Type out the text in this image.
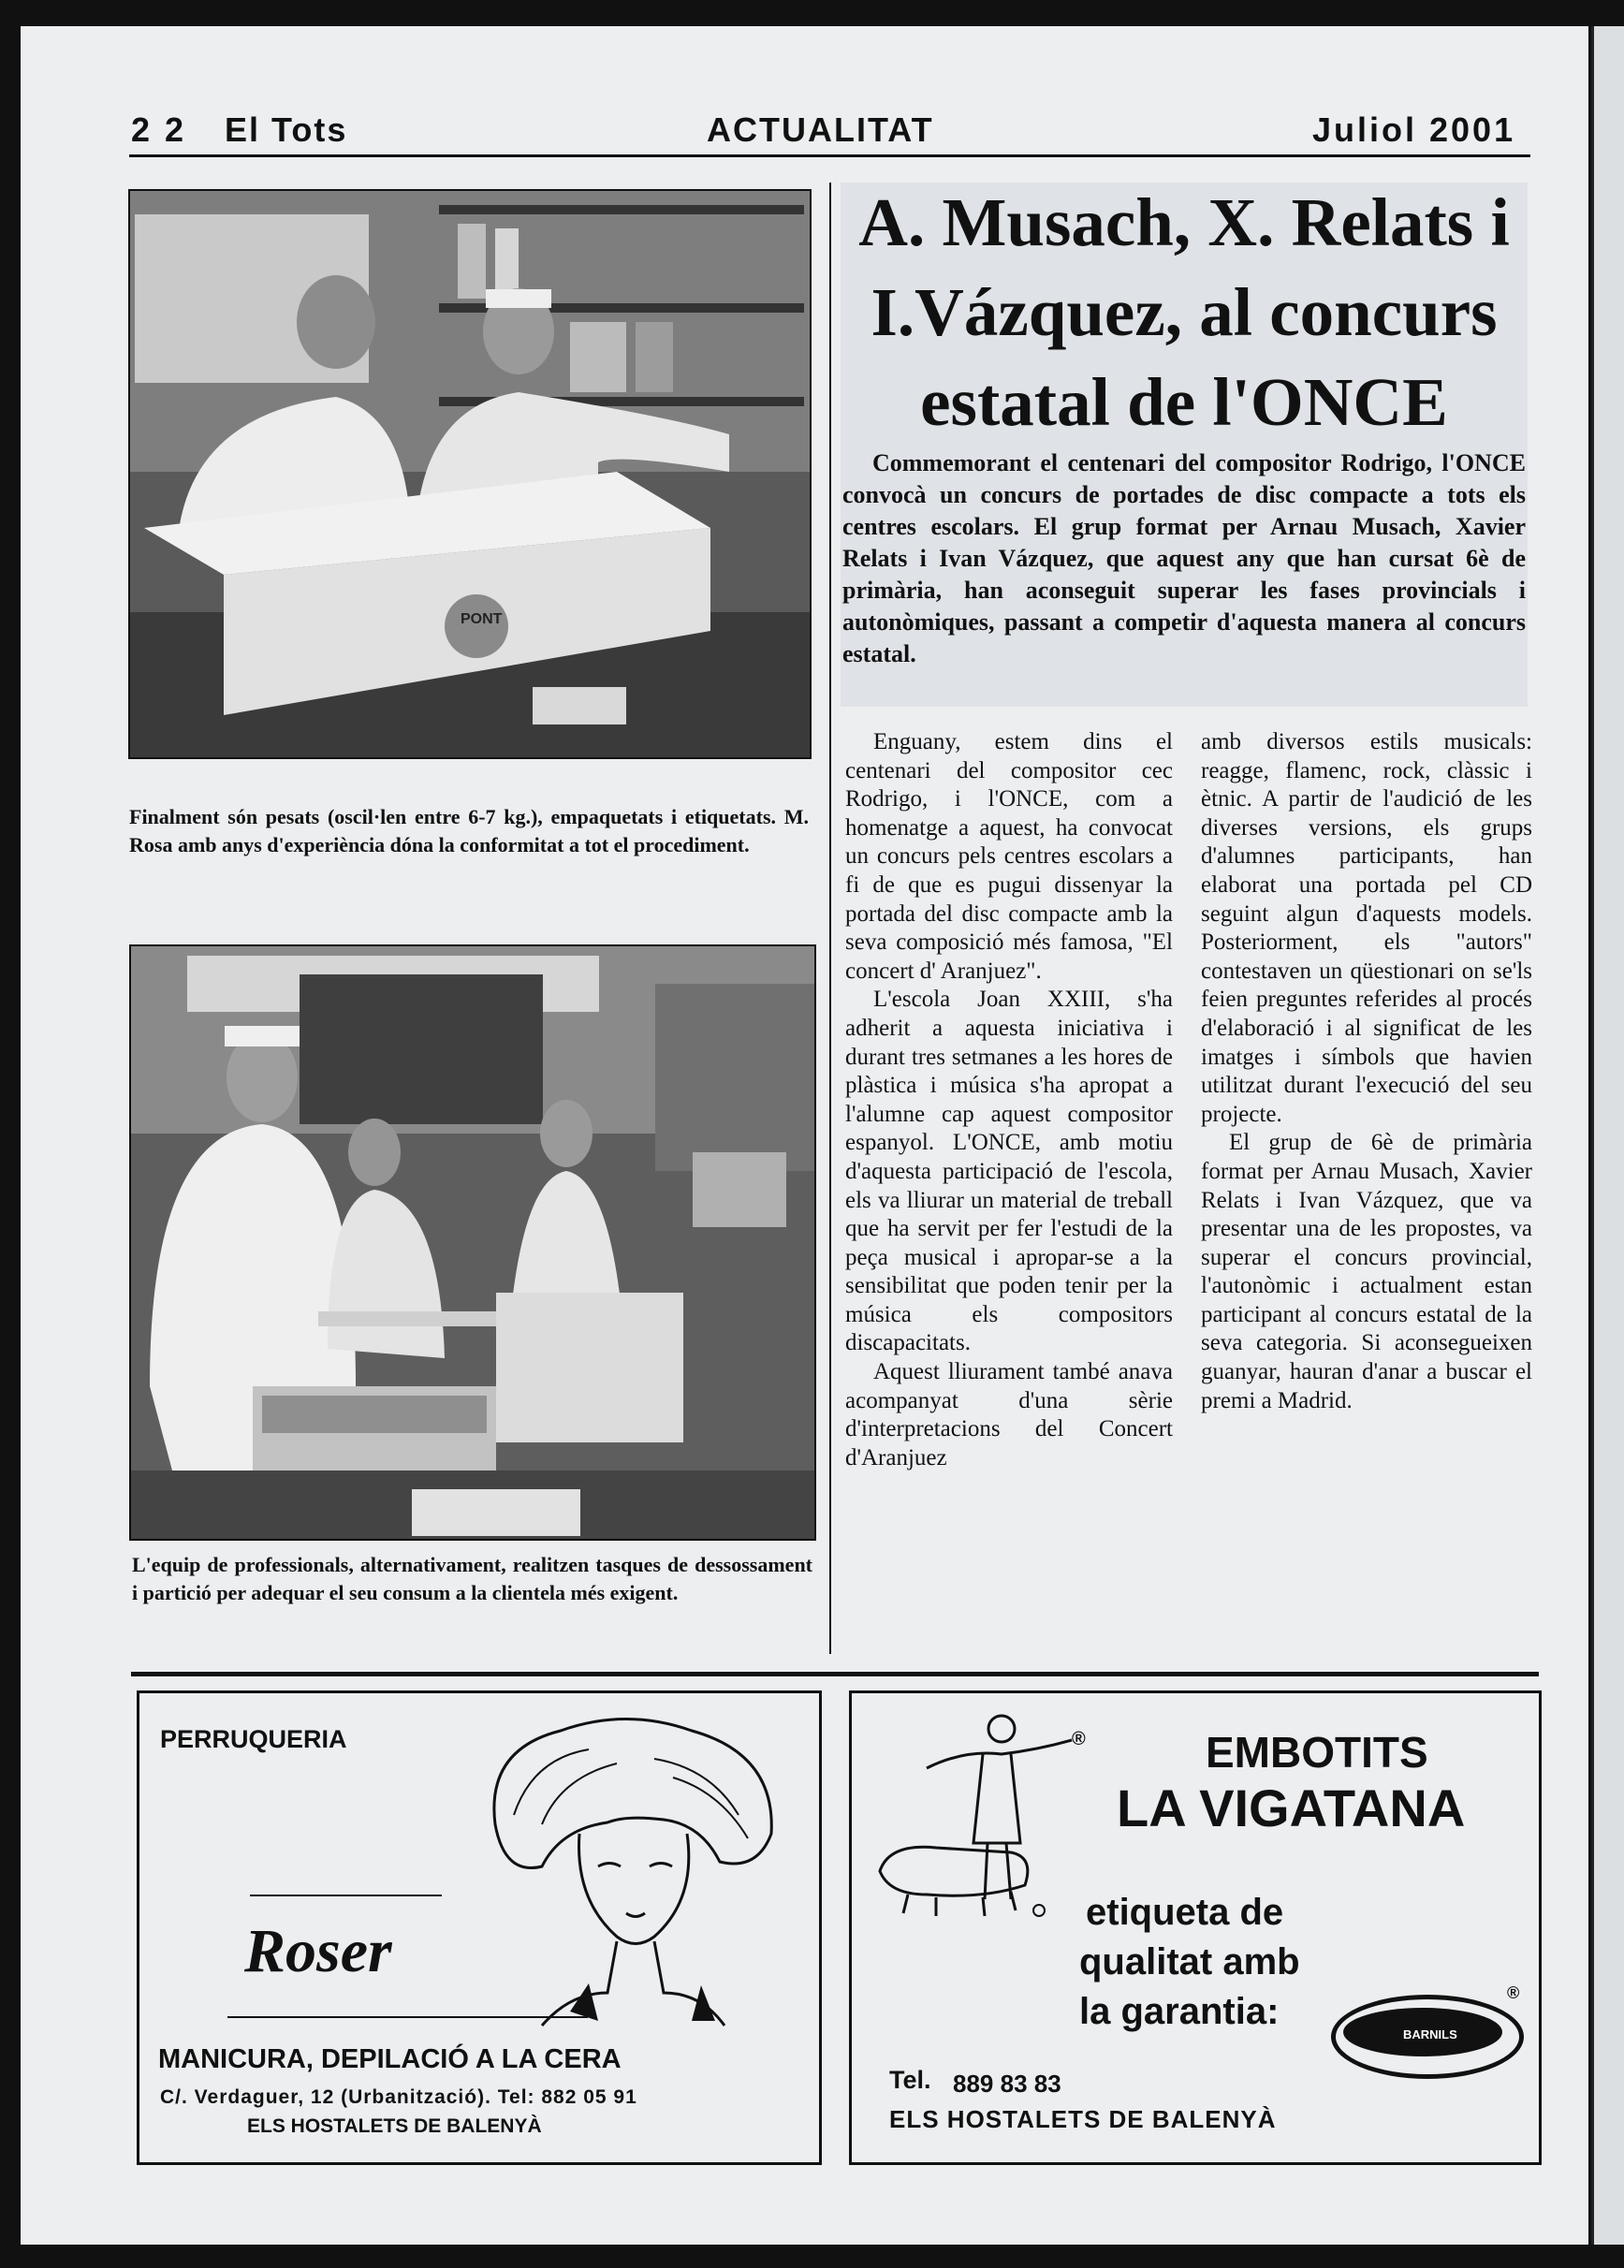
2 2 El Tots	ACTUALITAT	Juliol 2001
PONT
Finalment són pesats (oscil·len entre 6-7 kg.), empaquetats i etiquetats. M. Rosa amb anys d'experiència dóna la conformitat a tot el procediment.
L'equip de professionals, alternativament, realitzen tasques de dessossament i partició per adequar el seu consum a la clientela més exigent.
A. Musach, X. Relats i I.Vázquez, al concurs estatal de l'ONCE

Commemorant el centenari del compositor Rodrigo, l'ONCE convocà un concurs de portades de disc compacte a tots els centres escolars. El grup format per Arnau Musach, Xavier Relats i Ivan Vázquez, que aquest any que han cursat 6è de primària, han aconseguit superar les fases provincials i autonòmiques, passant a competir d'aquesta manera al concurs estatal.

Enguany, estem dins el centenari del compositor cec Rodrigo, i l'ONCE, com a homenatge a aquest, ha convocat un concurs pels centres escolars a fi de que es pugui dissenyar la portada del disc compacte amb la seva composició més famosa, "El concert d' Aranjuez".

L'escola Joan XXIII, s'ha adherit a aquesta iniciativa i durant tres setmanes a les hores de plàstica i música s'ha apropat a l'alumne cap aquest compositor espanyol. L'ONCE, amb motiu d'aquesta participació de l'escola, els va lliurar un material de treball que ha servit per fer l'estudi de la peça musical i apropar-se a la sensibilitat que poden tenir per la música els compositors discapacitats.

Aquest lliurament també anava acompanyat d'una sèrie d'interpretacions del Concert d'Aranjuez

amb diversos estils musicals: reagge, flamenc, rock, clàssic i ètnic. A partir de l'audició de les diverses versions, els grups d'alumnes participants, han elaborat una portada pel CD seguint algun d'aquests models. Posteriorment, els "autors" contestaven un qüestionari on se'ls feien preguntes referides al procés d'elaboració i al significat de les imatges i símbols que havien utilitzat durant l'execució del seu projecte.

El grup de 6è de primària format per Arnau Musach, Xavier Relats i Ivan Vázquez, que va presentar una de les propostes, va superar el concurs provincial, l'autonòmic i actualment estan participant al concurs estatal de la seva categoria. Si aconsegueixen guanyar, hauran d'anar a buscar el premi a Madrid.

PERRUQUERIA
Roser
MANICURA, DEPILACIÓ A LA CERA
C/. Verdaguer, 12 (Urbanització). Tel: 882 05 91
ELS HOSTALETS DE BALENYÀ
®	EMBOTITS
LA VIGATANA
etiqueta de
qualitat amb
la garantia:
BARNILS
®
Tel. 889 83 83
ELS HOSTALETS DE BALENYÀ
